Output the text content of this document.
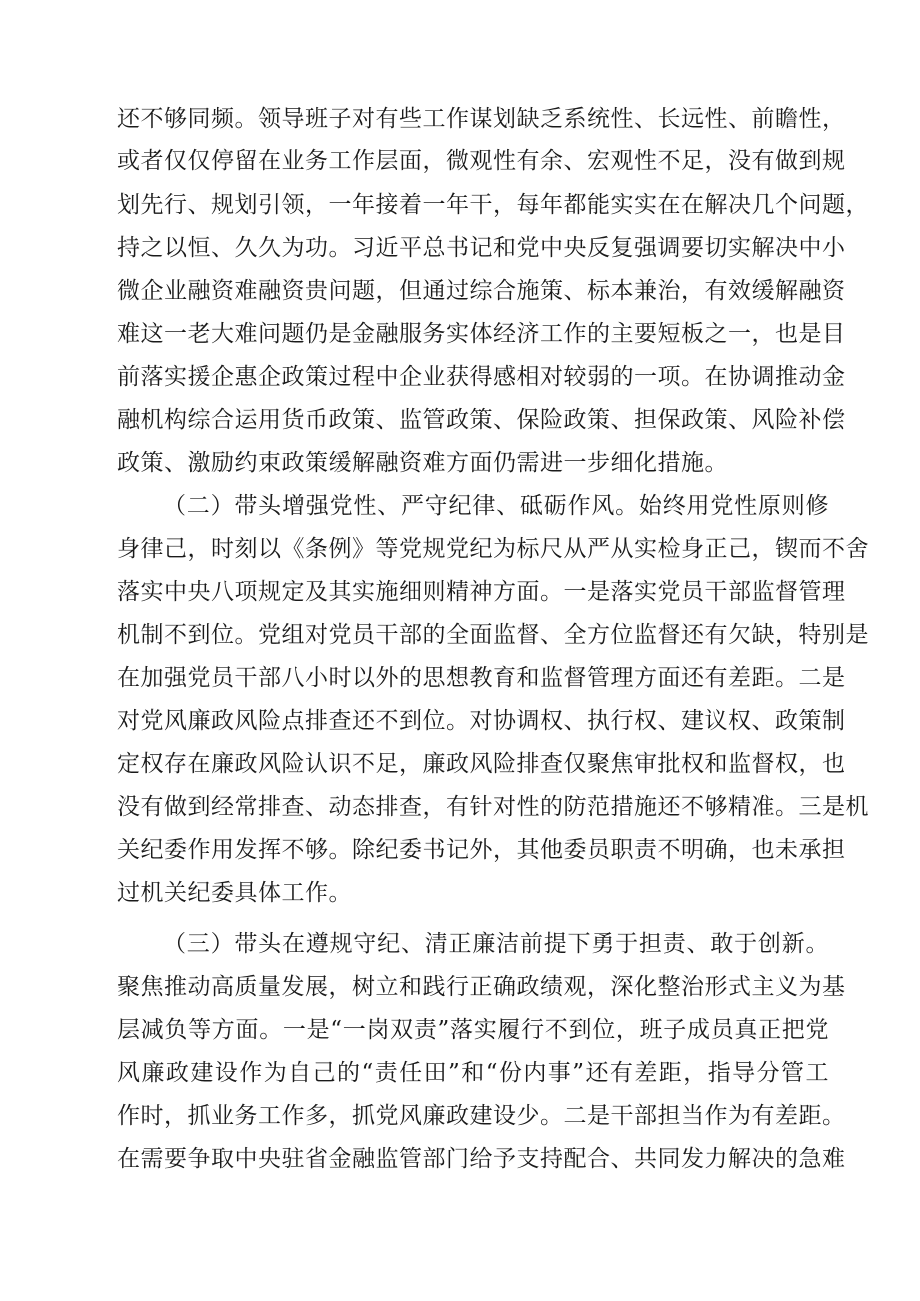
还不够同频。领导班子对有些工作谋划缺乏系统性、长远性、前瞻性，
或者仅仅停留在业务工作层面，微观性有余、宏观性不足，没有做到规
划先行、规划引领，一年接着一年干，每年都能实实在在解决几个问题，
持之以恒、久久为功。习近平总书记和党中央反复强调要切实解决中小
微企业融资难融资贵问题，但通过综合施策、标本兼治，有效缓解融资
难这一老大难问题仍是金融服务实体经济工作的主要短板之一，也是目
前落实援企惠企政策过程中企业获得感相对较弱的一项。在协调推动金
融机构综合运用货币政策、监管政策、保险政策、担保政策、风险补偿
政策、激励约束政策缓解融资难方面仍需进一步细化措施。
（二）带头增强党性、严守纪律、砥砺作风。始终用党性原则修
身律己，时刻以《条例》等党规党纪为标尺从严从实检身正己，锲而不舍
落实中央八项规定及其实施细则精神方面。一是落实党员干部监督管理
机制不到位。党组对党员干部的全面监督、全方位监督还有欠缺，特别是
在加强党员干部八小时以外的思想教育和监督管理方面还有差距。二是
对党风廉政风险点排查还不到位。对协调权、执行权、建议权、政策制
定权存在廉政风险认识不足，廉政风险排查仅聚焦审批权和监督权，也
没有做到经常排查、动态排查，有针对性的防范措施还不够精准。三是机
关纪委作用发挥不够。除纪委书记外，其他委员职责不明确，也未承担
过机关纪委具体工作。
（三）带头在遵规守纪、清正廉洁前提下勇于担责、敢于创新。
聚焦推动高质量发展，树立和践行正确政绩观，深化整治形式主义为基
层减负等方面。一是“一岗双责”落实履行不到位，班子成员真正把党
风廉政建设作为自己的“责任田”和“份内事”还有差距，指导分管工
作时，抓业务工作多，抓党风廉政建设少。二是干部担当作为有差距。
在需要争取中央驻省金融监管部门给予支持配合、共同发力解决的急难
